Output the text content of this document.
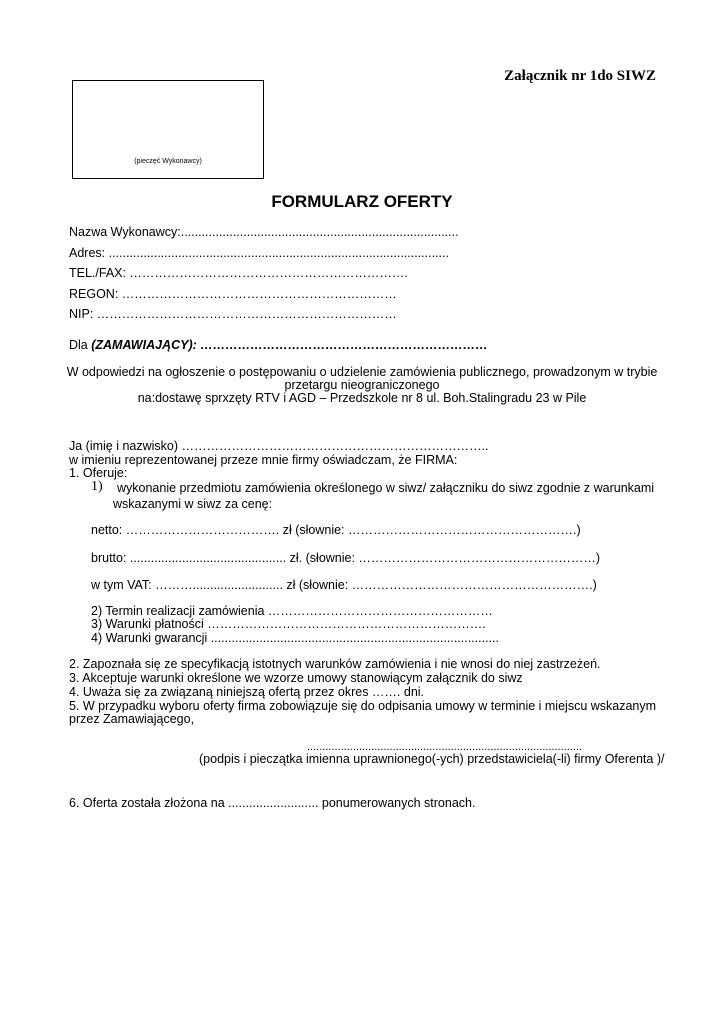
Załącznik nr 1do SIWZ
(pieczęć Wykonawcy)
FORMULARZ OFERTY
Nazwa Wykonawcy:................................................................................
Adres: ..................................................................................................
TEL./FAX: ………………………………………………………….
REGON: …………………………………………………………
NIP: ………………………………………………………………
Dla (ZAMAWIAJĄCY): ……………………………………………………………
W odpowiedzi na ogłoszenie o postępowaniu o udzielenie zamówienia publicznego, prowadzonym w trybie
przetargu nieograniczonego
na:dostawę sprxzęty RTV i AGD – Przedszkole nr 8 ul. Boh.Stalingradu 23 w Pile
Ja (imię i nazwisko) ………………………………………………………………..
w imieniu reprezentowanej przeze mnie firmy oświadczam, że FIRMA:
1. Oferuje:
1) wykonanie przedmiotu zamówienia określonego w siwz/ załączniku do siwz zgodnie z warunkami
wskazanymi w siwz za cenę:
netto: ………………………………. zł (słownie: ……………………………………………….)
brutto: ............................................. zł. (słownie: …………………………………………………)
w tym VAT: ……….......................... zł (słownie: ………………………………………………….)
2) Termin realizacji zamówienia ………………………………………………
3) Warunki płatności ………………………………………………………….
4) Warunki gwarancji ...................................................................................
2. Zapoznała się ze specyfikacją istotnych warunków zamówienia i nie wnosi do niej zastrzeżeń.
3. Akceptuje warunki określone we wzorze umowy stanowiącym załącznik do siwz
4. Uważa się za związaną niniejszą ofertą przez okres ……. dni.
5. W przypadku wyboru oferty firma zobowiązuje się do odpisania umowy w terminie i miejscu wskazanym
przez Zamawiającego,
..........................................................................................
(podpis i pieczątka imienna uprawnionego(-ych) przedstawiciela(-li) firmy Oferenta )/
6. Oferta została złożona na .......................... ponumerowanych stronach.
